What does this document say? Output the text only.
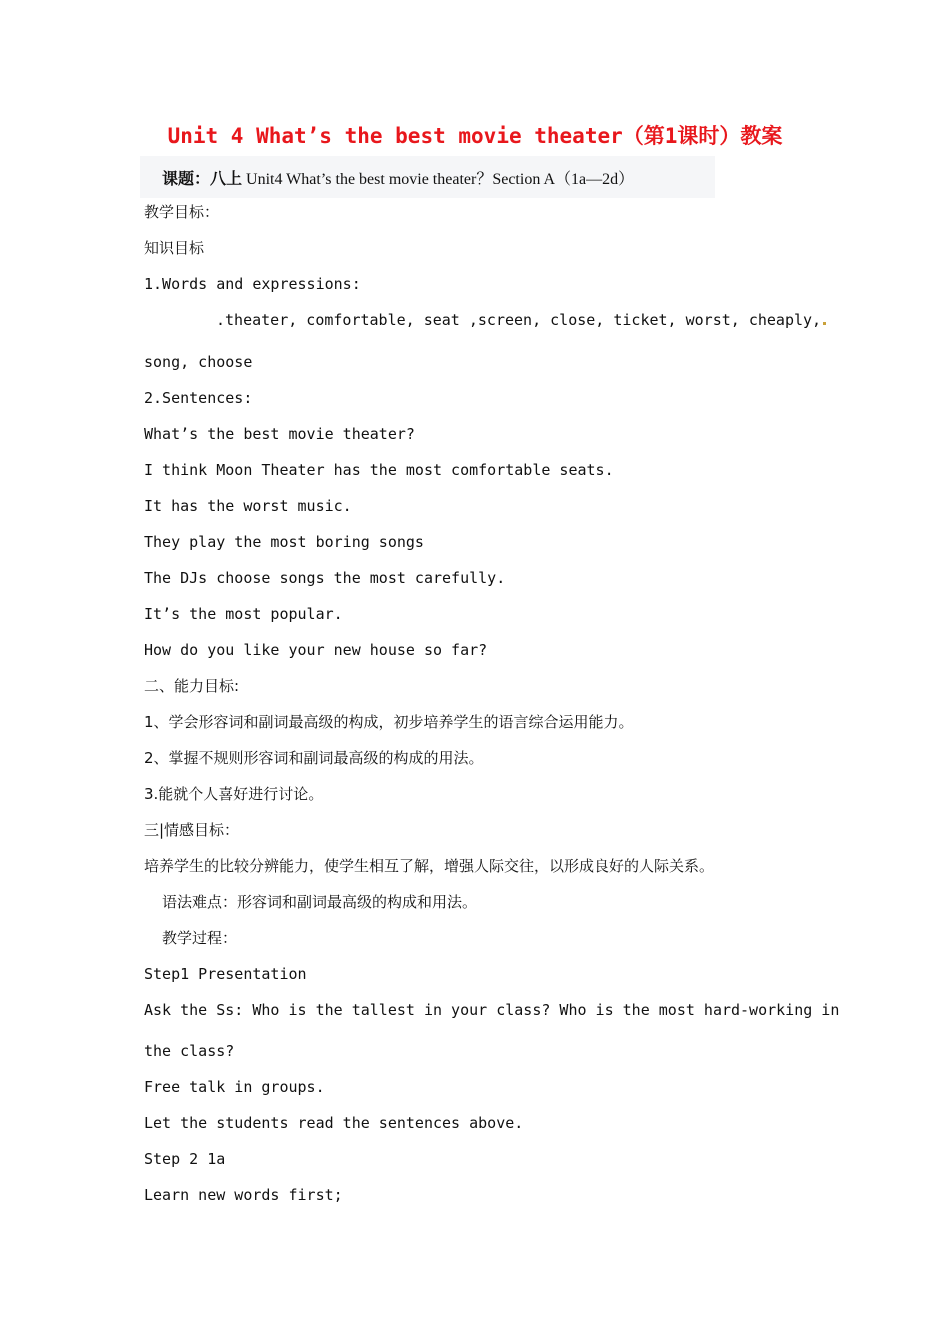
Unit 4 What’s the best movie theater（第1课时）教案
课题：八上 Unit4 What’s the best movie theater？Section A（1a—2d）
教学目标：
知识目标
1.Words and expressions:
.theater, comfortable, seat ,screen, close, ticket, worst, cheaply,
song, choose
2.Sentences:
What’s the best movie theater?
I think Moon Theater has the most comfortable seats.
It has the worst music.
They play the most boring songs
The DJs choose songs the most carefully.
It’s the most popular.
How do you like your new house so far?
二、能力目标:
1、学会形容词和副词最高级的构成，初步培养学生的语言综合运用能力。
2、掌握不规则形容词和副词最高级的构成的用法。
3.能就个人喜好进行讨论。
三|情感目标：
培养学生的比较分辨能力，使学生相互了解，增强人际交往，以形成良好的人际关系。
语法难点：形容词和副词最高级的构成和用法。
教学过程：
Step1 Presentation
Ask the Ss: Who is the tallest in your class? Who is the most hard-working in
the class?
Free talk in groups.
Let the students read the sentences above.
Step 2 1a
Learn new words first;
